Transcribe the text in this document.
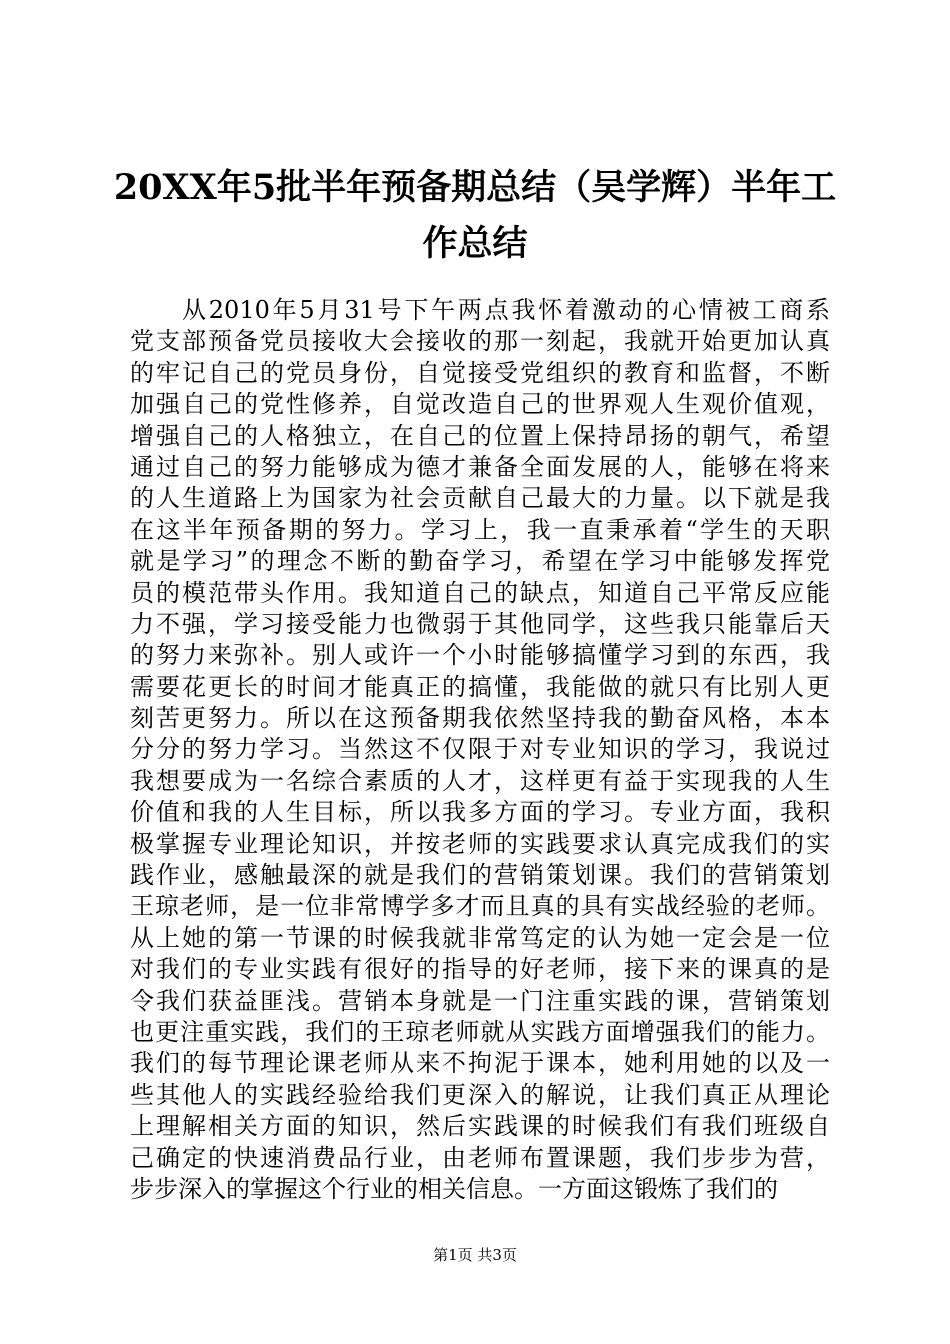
20XX年5批半年预备期总结（吴学辉）半年工
作总结
从2010年5月31号下午两点我怀着激动的心情被工商系
党支部预备党员接收大会接收的那一刻起，我就开始更加认真
的牢记自己的党员身份，自觉接受党组织的教育和监督，不断
加强自己的党性修养，自觉改造自己的世界观人生观价值观，
增强自己的人格独立，在自己的位置上保持昂扬的朝气，希望
通过自己的努力能够成为德才兼备全面发展的人，能够在将来
的人生道路上为国家为社会贡献自己最大的力量。以下就是我
在这半年预备期的努力。学习上，我一直秉承着“学生的天职
就是学习”的理念不断的勤奋学习，希望在学习中能够发挥党
员的模范带头作用。我知道自己的缺点，知道自己平常反应能
力不强，学习接受能力也微弱于其他同学，这些我只能靠后天
的努力来弥补。别人或许一个小时能够搞懂学习到的东西，我
需要花更长的时间才能真正的搞懂，我能做的就只有比别人更
刻苦更努力。所以在这预备期我依然坚持我的勤奋风格，本本
分分的努力学习。当然这不仅限于对专业知识的学习，我说过
我想要成为一名综合素质的人才，这样更有益于实现我的人生
价值和我的人生目标，所以我多方面的学习。专业方面，我积
极掌握专业理论知识，并按老师的实践要求认真完成我们的实
践作业，感触最深的就是我们的营销策划课。我们的营销策划
王琼老师，是一位非常博学多才而且真的具有实战经验的老师。
从上她的第一节课的时候我就非常笃定的认为她一定会是一位
对我们的专业实践有很好的指导的好老师，接下来的课真的是
令我们获益匪浅。营销本身就是一门注重实践的课，营销策划
也更注重实践，我们的王琼老师就从实践方面增强我们的能力。
我们的每节理论课老师从来不拘泥于课本，她利用她的以及一
些其他人的实践经验给我们更深入的解说，让我们真正从理论
上理解相关方面的知识，然后实践课的时候我们有我们班级自
己确定的快速消费品行业，由老师布置课题，我们步步为营，
步步深入的掌握这个行业的相关信息。一方面这锻炼了我们的
第1页 共3页
